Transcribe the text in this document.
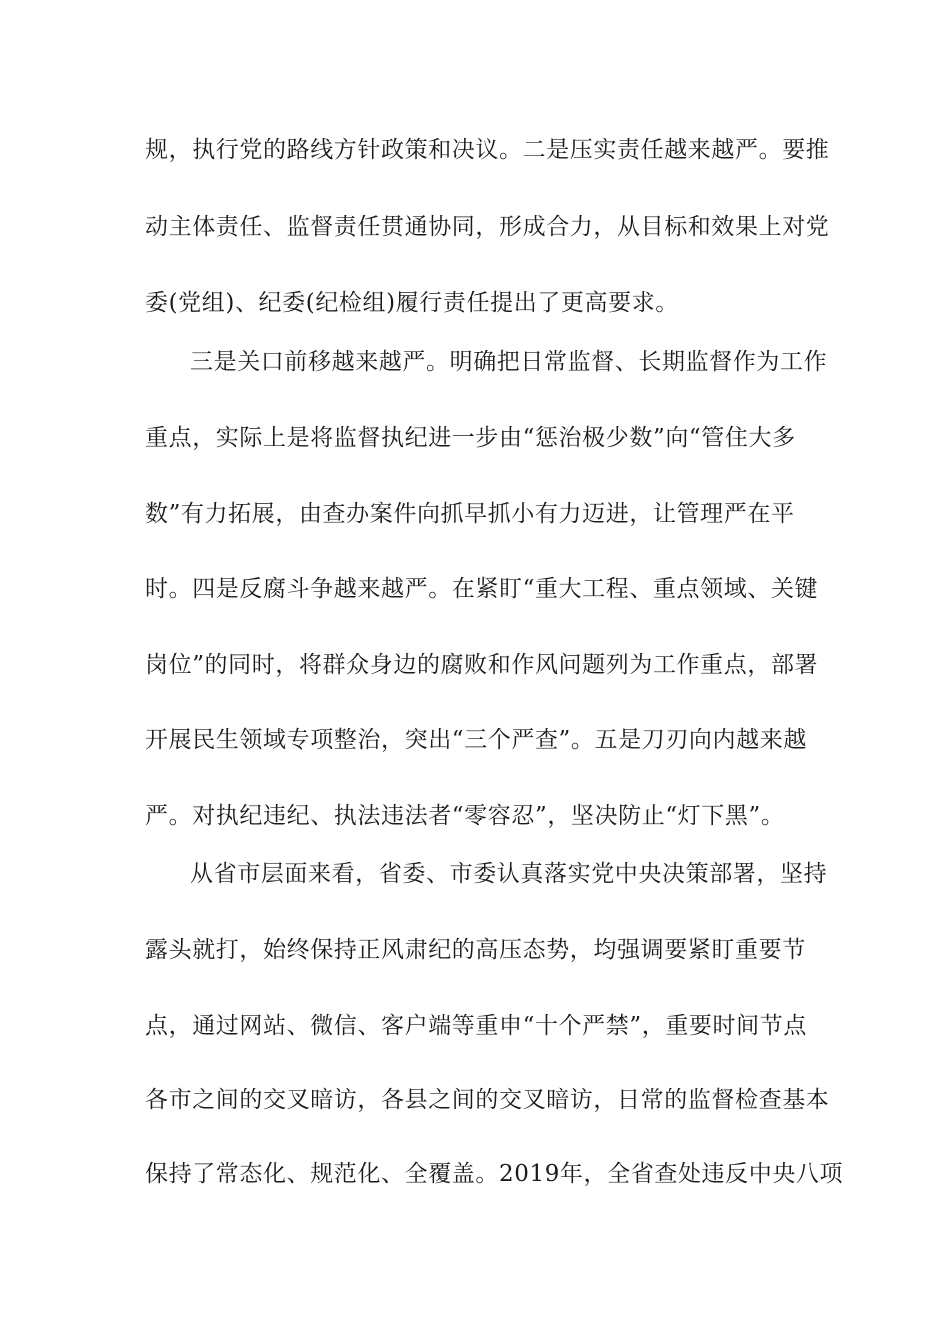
规，执行党的路线方针政策和决议。二是压实责任越来越严。要推
动主体责任、监督责任贯通协同，形成合力，从目标和效果上对党
委(党组)、纪委(纪检组)履行责任提出了更高要求。
三是关口前移越来越严。明确把日常监督、长期监督作为工作
重点，实际上是将监督执纪进一步由“惩治极少数”向“管住大多
数”有力拓展，由查办案件向抓早抓小有力迈进，让管理严在平
时。四是反腐斗争越来越严。在紧盯“重大工程、重点领域、关键
岗位”的同时，将群众身边的腐败和作风问题列为工作重点，部署
开展民生领域专项整治，突出“三个严查”。五是刀刃向内越来越
严。对执纪违纪、执法违法者“零容忍”，坚决防止“灯下黑”。
从省市层面来看，省委、市委认真落实党中央决策部署，坚持
露头就打，始终保持正风肃纪的高压态势，均强调要紧盯重要节
点，通过网站、微信、客户端等重申“十个严禁”，重要时间节点
各市之间的交叉暗访，各县之间的交叉暗访，日常的监督检查基本
保持了常态化、规范化、全覆盖。2019年，全省查处违反中央八项
